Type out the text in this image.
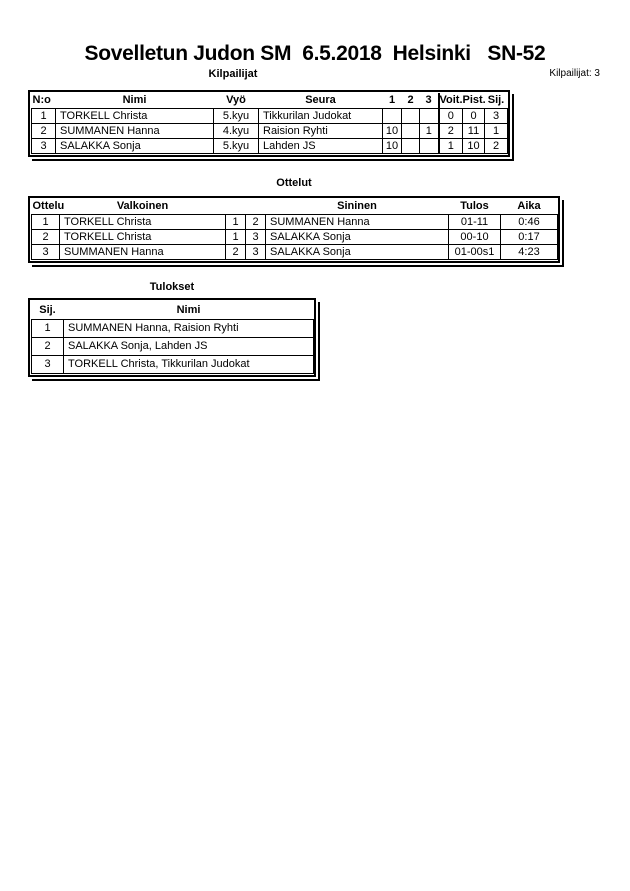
Sovelletun Judon SM  6.5.2018  Helsinki   SN-52
Kilpailijat	Kilpailijat: 3
N:o	Nimi	Vyö	Seura	1	2	3	Voit.	Pist.	Sij.
1	TORKELL Christa	5.kyu	Tikkurilan Judokat				0	0	3
2	SUMMANEN Hanna	4.kyu	Raision Ryhti	10		1	2	11	1
3	SALAKKA Sonja	5.kyu	Lahden JS	10			1	10	2
Ottelut
Ottelu	Valkoinen			Sininen	Tulos	Aika
1	TORKELL Christa	1	2	SUMMANEN Hanna	01-11	0:46
2	TORKELL Christa	1	3	SALAKKA Sonja	00-10	0:17
3	SUMMANEN Hanna	2	3	SALAKKA Sonja	01-00s1	4:23
Tulokset
Sij.	Nimi
1	SUMMANEN Hanna, Raision Ryhti
2	SALAKKA Sonja, Lahden JS
3	TORKELL Christa, Tikkurilan Judokat
